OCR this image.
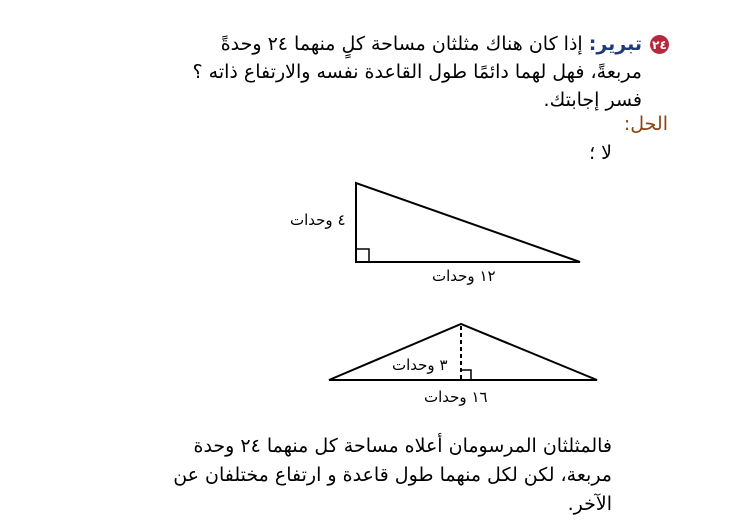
٢٤
تبرير: إذا كان هناك مثلثان مساحة كلٍ منهما ٢٤ وحدةً
مربعةً، فهل لهما دائمًا طول القاعدة نفسه والارتفاع ذاته ؟
فسر إجابتك.
الحل:
لا ؛
٤ وحدات
١٢ وحدات
٣ وحدات
١٦ وحدات
فالمثلثان المرسومان أعلاه مساحة كل منهما ٢٤ وحدة
مربعة، لكن لكل منهما طول قاعدة و ارتفاع مختلفان عن
الآخر.
